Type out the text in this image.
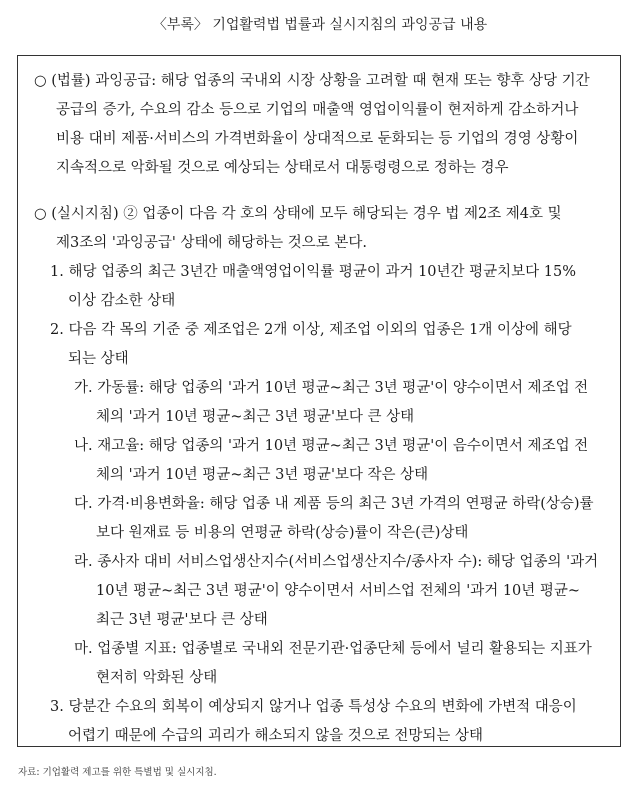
〈부록〉 기업활력법 법률과 실시지침의 과잉공급 내용
○ (법률) 과잉공급: 해당 업종의 국내외 시장 상황을 고려할 때 현재 또는 향후 상당 기간
공급의 증가, 수요의 감소 등으로 기업의 매출액 영업이익률이 현저하게 감소하거나
비용 대비 제품·서비스의 가격변화율이 상대적으로 둔화되는 등 기업의 경영 상황이
지속적으로 악화될 것으로 예상되는 상태로서 대통령령으로 정하는 경우
○ (실시지침) ② 업종이 다음 각 호의 상태에 모두 해당되는 경우 법 제2조 제4호 및
제3조의 '과잉공급' 상태에 해당하는 것으로 본다.
1. 해당 업종의 최근 3년간 매출액영업이익률 평균이 과거 10년간 평균치보다 15%
이상 감소한 상태
2. 다음 각 목의 기준 중 제조업은 2개 이상, 제조업 이외의 업종은 1개 이상에 해당
되는 상태
가. 가동률: 해당 업종의 '과거 10년 평균~최근 3년 평균'이 양수이면서 제조업 전
체의 '과거 10년 평균~최근 3년 평균'보다 큰 상태
나. 재고율: 해당 업종의 '과거 10년 평균~최근 3년 평균'이 음수이면서 제조업 전
체의 '과거 10년 평균~최근 3년 평균'보다 작은 상태
다. 가격·비용변화율: 해당 업종 내 제품 등의 최근 3년 가격의 연평균 하락(상승)률
보다 원재료 등 비용의 연평균 하락(상승)률이 작은(큰)상태
라. 종사자 대비 서비스업생산지수(서비스업생산지수/종사자 수): 해당 업종의 '과거
10년 평균~최근 3년 평균'이 양수이면서 서비스업 전체의 '과거 10년 평균~
최근 3년 평균'보다 큰 상태
마. 업종별 지표: 업종별로 국내외 전문기관·업종단체 등에서 널리 활용되는 지표가
현저히 악화된 상태
3. 당분간 수요의 회복이 예상되지 않거나 업종 특성상 수요의 변화에 가변적 대응이
어렵기 때문에 수급의 괴리가 해소되지 않을 것으로 전망되는 상태
자료: 기업활력 제고를 위한 특별법 및 실시지침.
